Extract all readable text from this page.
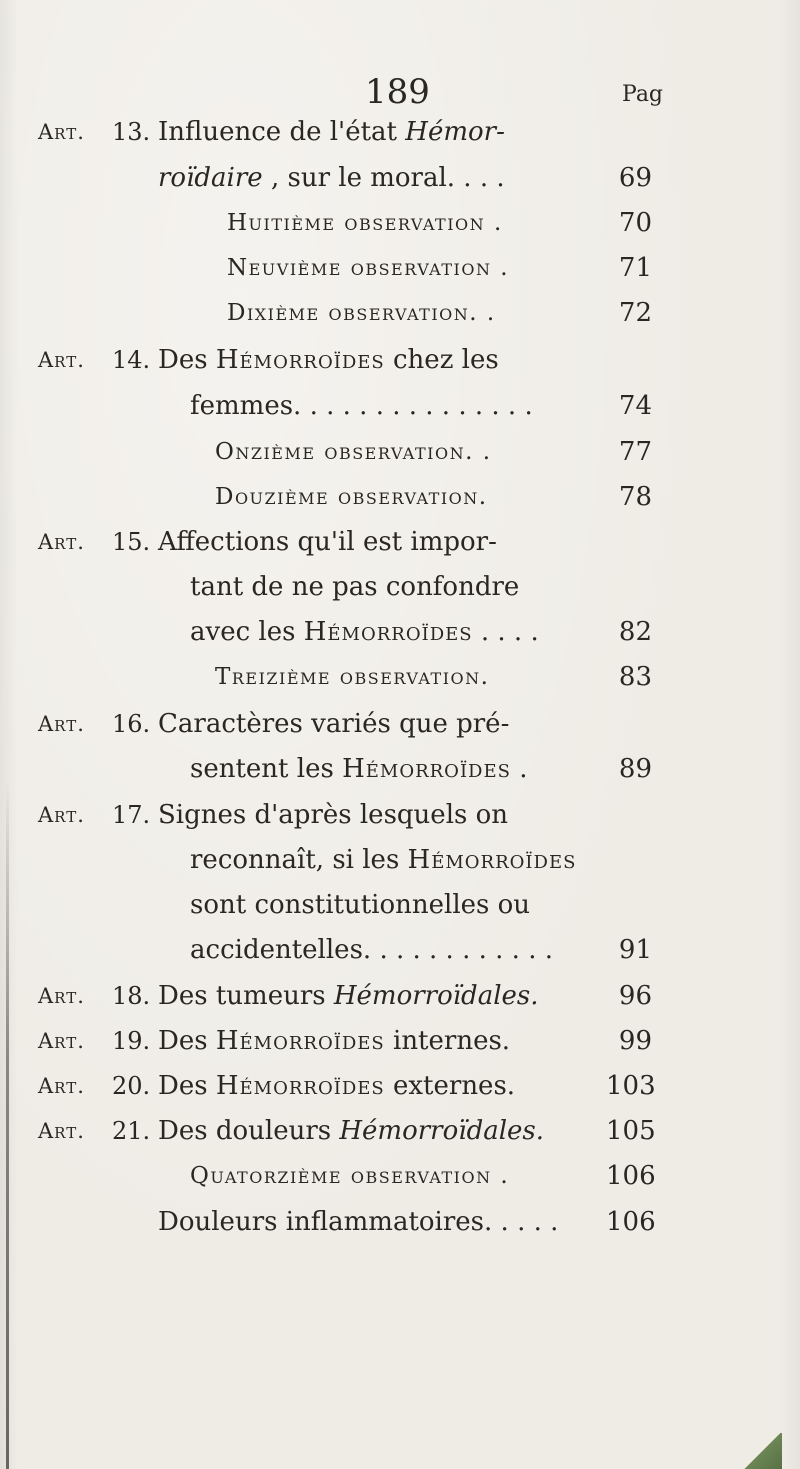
189	Pag
Art. 13. Influence de l'état Hémor-
roïdaire , sur le moral. . . .	69
Huitième observation .	70
Neuvième observation .	71
Dixième observation. .	72
Art. 14. Des Hémorroïdes chez les
femmes. . . . . . . . . . . . . . .	74
Onzième observation. .	77
Douzième observation.	78
Art. 15. Affections qu'il est impor-
tant de ne pas confondre
avec les Hémorroïdes . . . .	82
Treizième observation.	83
Art. 16. Caractères variés que pré-
sentent les Hémorroïdes .	89
Art. 17. Signes d'après lesquels on
reconnaît, si les Hémorroïdes
sont constitutionnelles ou
accidentelles. . . . . . . . . . . .	91
Art. 18. Des tumeurs Hémorroïdales.	96
Art. 19. Des Hémorroïdes internes.	99
Art. 20. Des Hémorroïdes externes.	103
Art. 21. Des douleurs Hémorroïdales. 105
Quatorzième observation .	106
Douleurs inflammatoires. . . . . 106
